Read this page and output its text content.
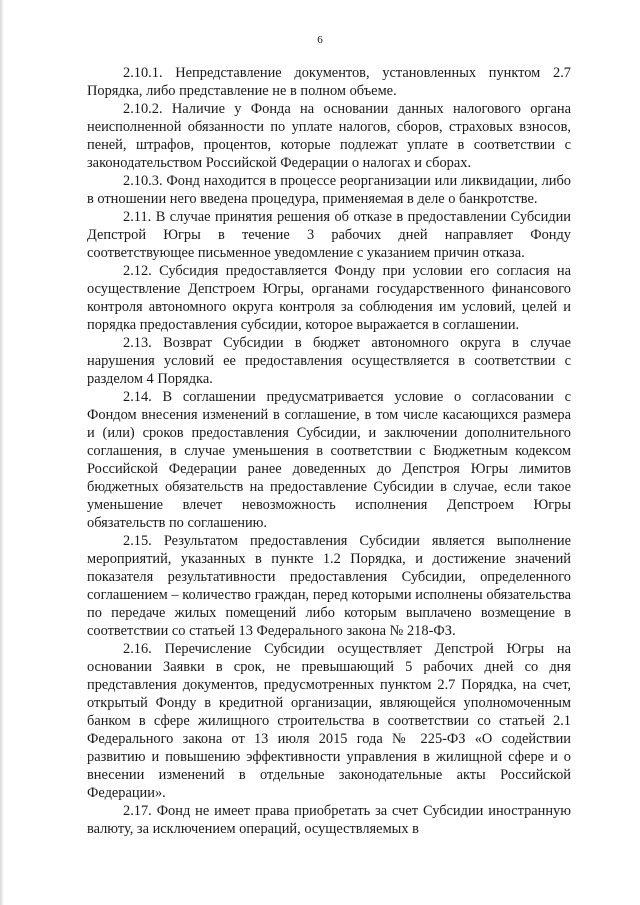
6

2.10.1. Непредставление документов, установленных пунктом 2.7 Порядка, либо представление не в полном объеме.

2.10.2. Наличие у Фонда на основании данных налогового органа неисполненной обязанности по уплате налогов, сборов, страховых взносов, пеней, штрафов, процентов, которые подлежат уплате в соответствии с законодательством Российской Федерации о налогах и сборах.

2.10.3. Фонд находится в процессе реорганизации или ликвидации, либо в отношении него введена процедура, применяемая в деле о банкротстве.

2.11. В случае принятия решения об отказе в предоставлении Субсидии Депстрой Югры в течение 3 рабочих дней направляет Фонду соответствующее письменное уведомление с указанием причин отказа.

2.12. Субсидия предоставляется Фонду при условии его согласия на осуществление Депстроем Югры, органами государственного финансового контроля автономного округа контроля за соблюдения им условий, целей и порядка предоставления субсидии, которое выражается в соглашении.

2.13. Возврат Субсидии в бюджет автономного округа в случае нарушения условий ее предоставления осуществляется в соответствии с разделом 4 Порядка.

2.14. В соглашении предусматривается условие о согласовании с Фондом внесения изменений в соглашение, в том числе касающихся размера и (или) сроков предоставления Субсидии, и заключении дополнительного соглашения, в случае уменьшения в соответствии с Бюджетным кодексом Российской Федерации ранее доведенных до Депстроя Югры лимитов бюджетных обязательств на предоставление Субсидии в случае, если такое уменьшение влечет невозможность исполнения Депстроем Югры обязательств по соглашению.

2.15. Результатом предоставления Субсидии является выполнение мероприятий, указанных в пункте 1.2 Порядка, и достижение значений показателя результативности предоставления Субсидии, определенного соглашением – количество граждан, перед которыми исполнены обязательства по передаче жилых помещений либо которым выплачено возмещение в соответствии со статьей 13 Федерального закона № 218-ФЗ.

2.16. Перечисление Субсидии осуществляет Депстрой Югры на основании Заявки в срок, не превышающий 5 рабочих дней со дня представления документов, предусмотренных пунктом 2.7 Порядка, на счет, открытый Фонду в кредитной организации, являющейся уполномоченным банком в сфере жилищного строительства в соответствии со статьей 2.1 Федерального закона от 13 июля 2015 года № 225-ФЗ «О содействии развитию и повышению эффективности управления в жилищной сфере и о внесении изменений в отдельные законодательные акты Российской Федерации».

2.17. Фонд не имеет права приобретать за счет Субсидии иностранную валюту, за исключением операций, осуществляемых в
